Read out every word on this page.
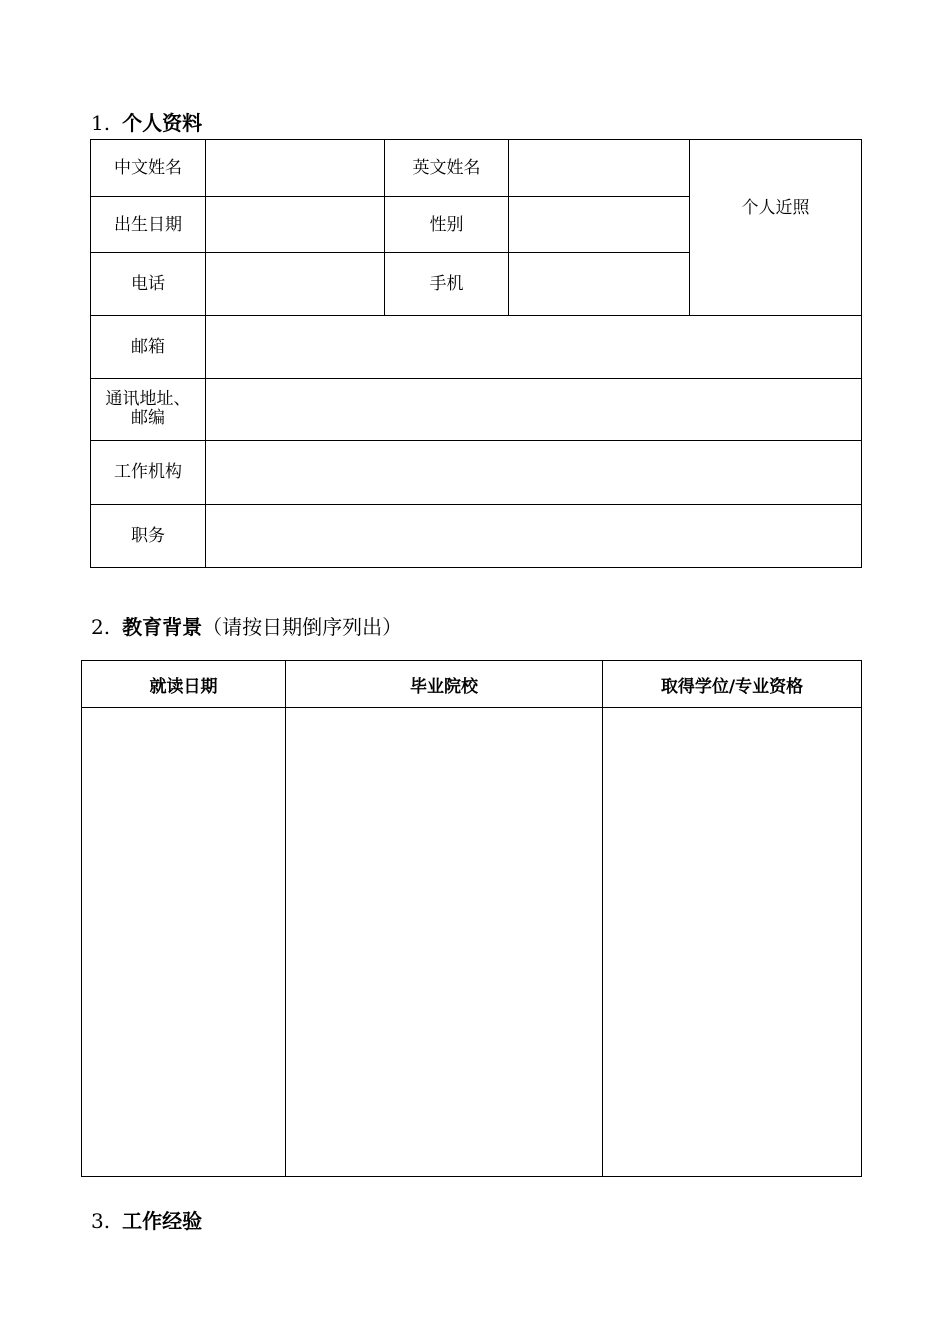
1. 个人资料
中文姓名		英文姓名		个人近照
出生日期		性别		
电话		手机		
邮箱				

通讯地址、邮编				

工作机构				
职务				
2. 教育背景（请按日期倒序列出）
就读日期	毕业院校	取得学位/专业资格

3. 工作经验
